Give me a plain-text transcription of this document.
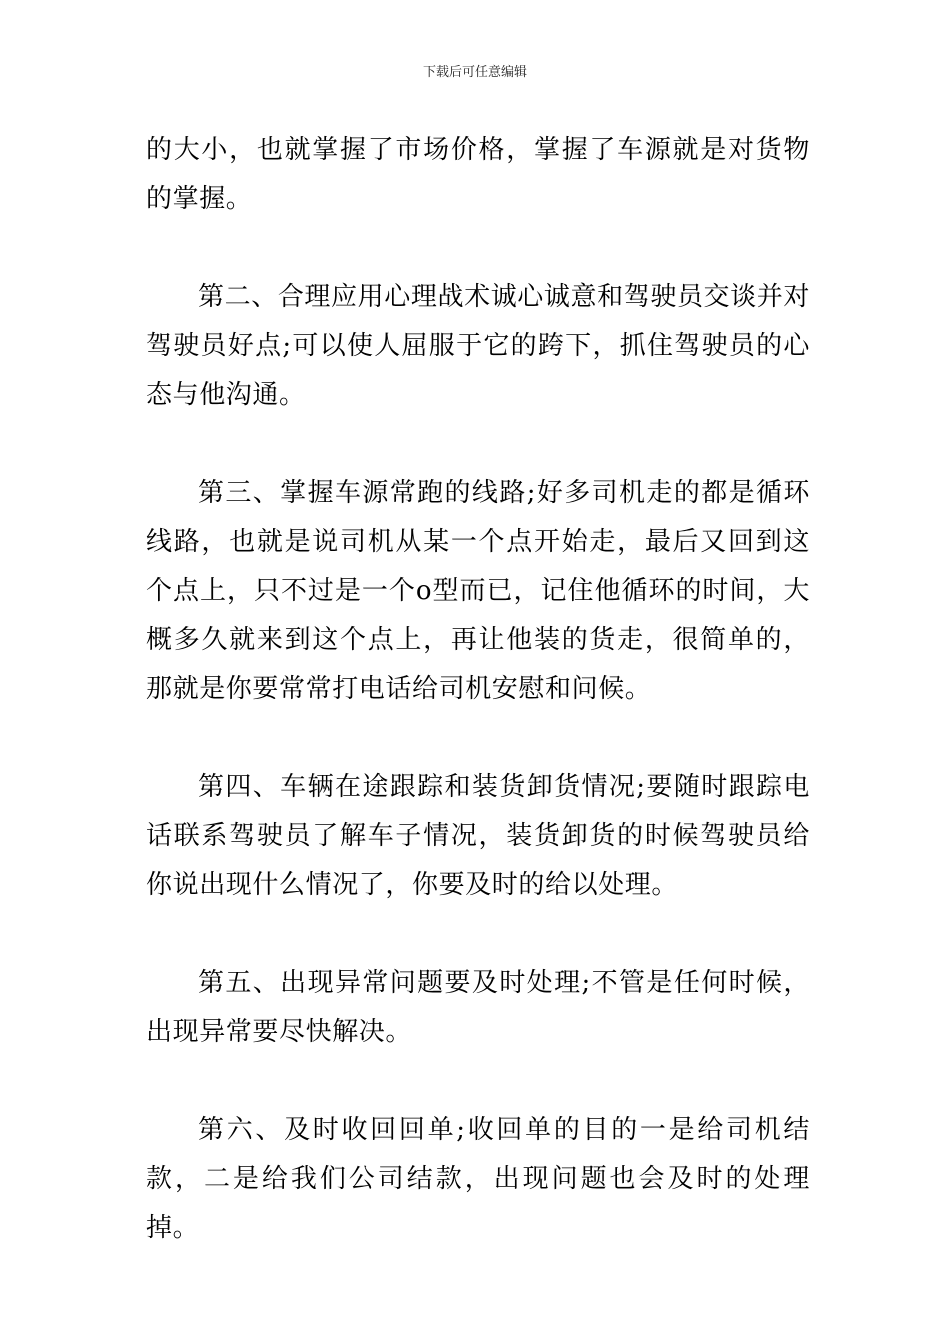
下载后可任意编辑

的大小，也就掌握了市场价格，掌握了车源就是对货物的掌握。

第二、合理应用心理战术诚心诚意和驾驶员交谈并对驾驶员好点;可以使人屈服于它的跨下，抓住驾驶员的心态与他沟通。

第三、掌握车源常跑的线路;好多司机走的都是循环线路，也就是说司机从某一个点开始走，最后又回到这个点上，只不过是一个o型而已，记住他循环的时间，大概多久就来到这个点上，再让他装的货走，很简单的，那就是你要常常打电话给司机安慰和问候。

第四、车辆在途跟踪和装货卸货情况;要随时跟踪电话联系驾驶员了解车子情况，装货卸货的时候驾驶员给你说出现什么情况了，你要及时的给以处理。

第五、出现异常问题要及时处理;不管是任何时候，出现异常要尽快解决。

第六、及时收回回单;收回单的目的一是给司机结款，二是给我们公司结款，出现问题也会及时的处理掉。
